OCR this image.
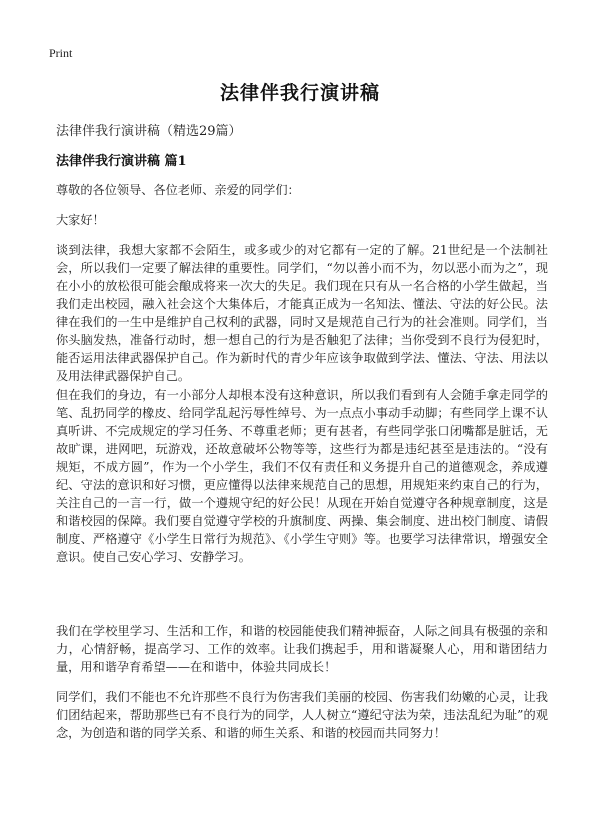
Print
法律伴我行演讲稿
法律伴我行演讲稿（精选29篇）
法律伴我行演讲稿 篇1

尊敬的各位领导、各位老师、亲爱的同学们：

大家好！

谈到法律，我想大家都不会陌生，或多或少的对它都有一定的了解。21世纪是一个法制社会，所以我们一定要了解法律的重要性。同学们，“勿以善小而不为，勿以恶小而为之”，现在小小的放松很可能会酿成将来一次大的失足。我们现在只有从一名合格的小学生做起，当我们走出校园，融入社会这个大集体后，才能真正成为一名知法、懂法、守法的好公民。法律在我们的一生中是维护自己权利的武器，同时又是规范自己行为的社会准则。同学们，当你头脑发热，准备行动时，想一想自己的行为是否触犯了法律；当你受到不良行为侵犯时，能否运用法律武器保护自己。作为新时代的青少年应该争取做到学法、懂法、守法、用法以及用法律武器保护自己。

但在我们的身边，有一小部分人却根本没有这种意识，所以我们看到有人会随手拿走同学的笔、乱扔同学的橡皮、给同学乱起污辱性绰号、为一点点小事动手动脚；有些同学上课不认真听讲、不完成规定的学习任务、不尊重老师；更有甚者，有些同学张口闭嘴都是脏话，无故旷课，进网吧，玩游戏，还故意破坏公物等等，这些行为都是违纪甚至是违法的。“没有规矩，不成方圆”，作为一个小学生，我们不仅有责任和义务提升自己的道德观念，养成遵纪、守法的意识和好习惯，更应懂得以法律来规范自己的思想，用规矩来约束自己的行为，关注自己的一言一行，做一个遵规守纪的好公民！从现在开始自觉遵守各种规章制度，这是和谐校园的保障。我们要自觉遵守学校的升旗制度、两操、集会制度、进出校门制度、请假制度、严格遵守《小学生日常行为规范》、《小学生守则》等。也要学习法律常识，增强安全意识。使自己安心学习、安静学习。

我们在学校里学习、生活和工作，和谐的校园能使我们精神振奋，人际之间具有极强的亲和力，心情舒畅，提高学习、工作的效率。让我们携起手，用和谐凝聚人心，用和谐团结力量，用和谐孕育希望——在和谐中，体验共同成长！

同学们，我们不能也不允许那些不良行为伤害我们美丽的校园、伤害我们幼嫩的心灵，让我们团结起来，帮助那些已有不良行为的同学，人人树立“遵纪守法为荣，违法乱纪为耻”的观念，为创造和谐的同学关系、和谐的师生关系、和谐的校园而共同努力！
